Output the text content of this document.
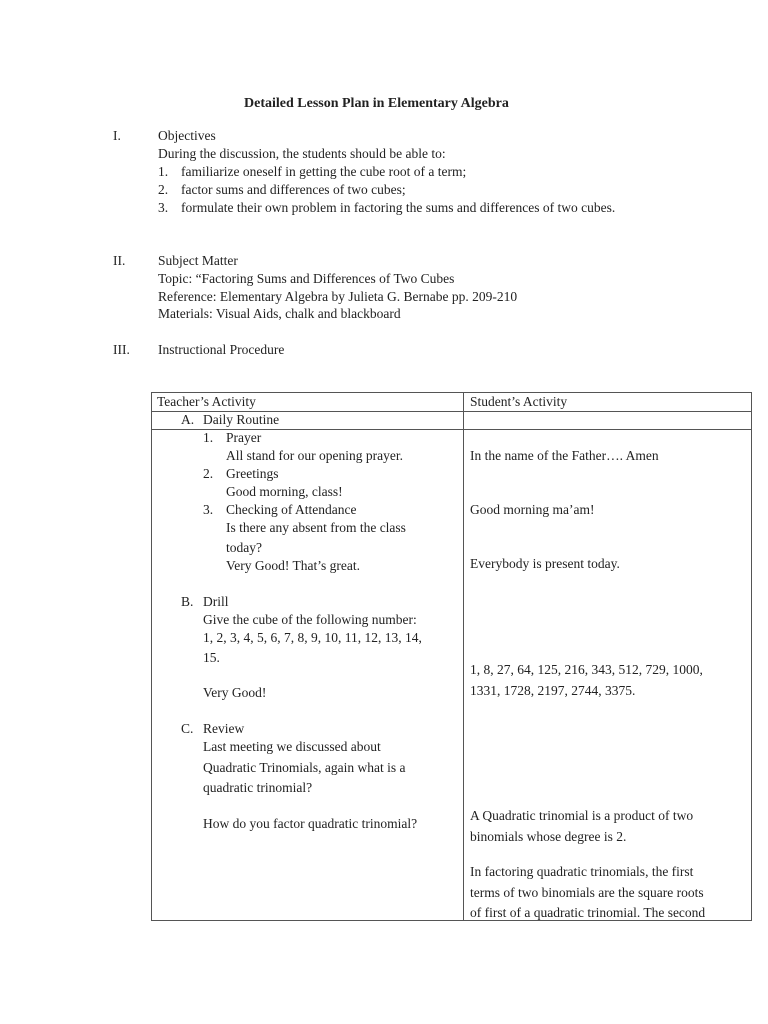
Detailed Lesson Plan in Elementary Algebra
I.	Objectives
During the discussion, the students should be able to:
1. familiarize oneself in getting the cube root of a term;
2. factor sums and differences of two cubes;
3. formulate their own problem in factoring the sums and differences of two cubes.
II. Subject Matter
Topic: “Factoring Sums and Differences of Two Cubes
Reference: Elementary Algebra by Julieta G. Bernabe pp. 209-210
Materials: Visual Aids, chalk and blackboard
III. Instructional Procedure
Teacher’s Activity	Student’s Activity
A. Daily Routine
1. Prayer
All stand for our opening prayer.
2. Greetings
Good morning, class!
3. Checking of Attendance
Is there any absent from the class
today?
Very Good! That’s great.
B. Drill
Give the cube of the following number:
1, 2, 3, 4, 5, 6, 7, 8, 9, 10, 11, 12, 13, 14,
15.
Very Good!
C. Review
Last meeting we discussed about
Quadratic Trinomials, again what is a
quadratic trinomial?
How do you factor quadratic trinomial?
In the name of the Father…. Amen
Good morning ma’am!
Everybody is present today.
1, 8, 27, 64, 125, 216, 343, 512, 729, 1000,
1331, 1728, 2197, 2744, 3375.
A Quadratic trinomial is a product of two
binomials whose degree is 2.
In factoring quadratic trinomials, the first
terms of two binomials are the square roots
of first of a quadratic trinomial. The second
